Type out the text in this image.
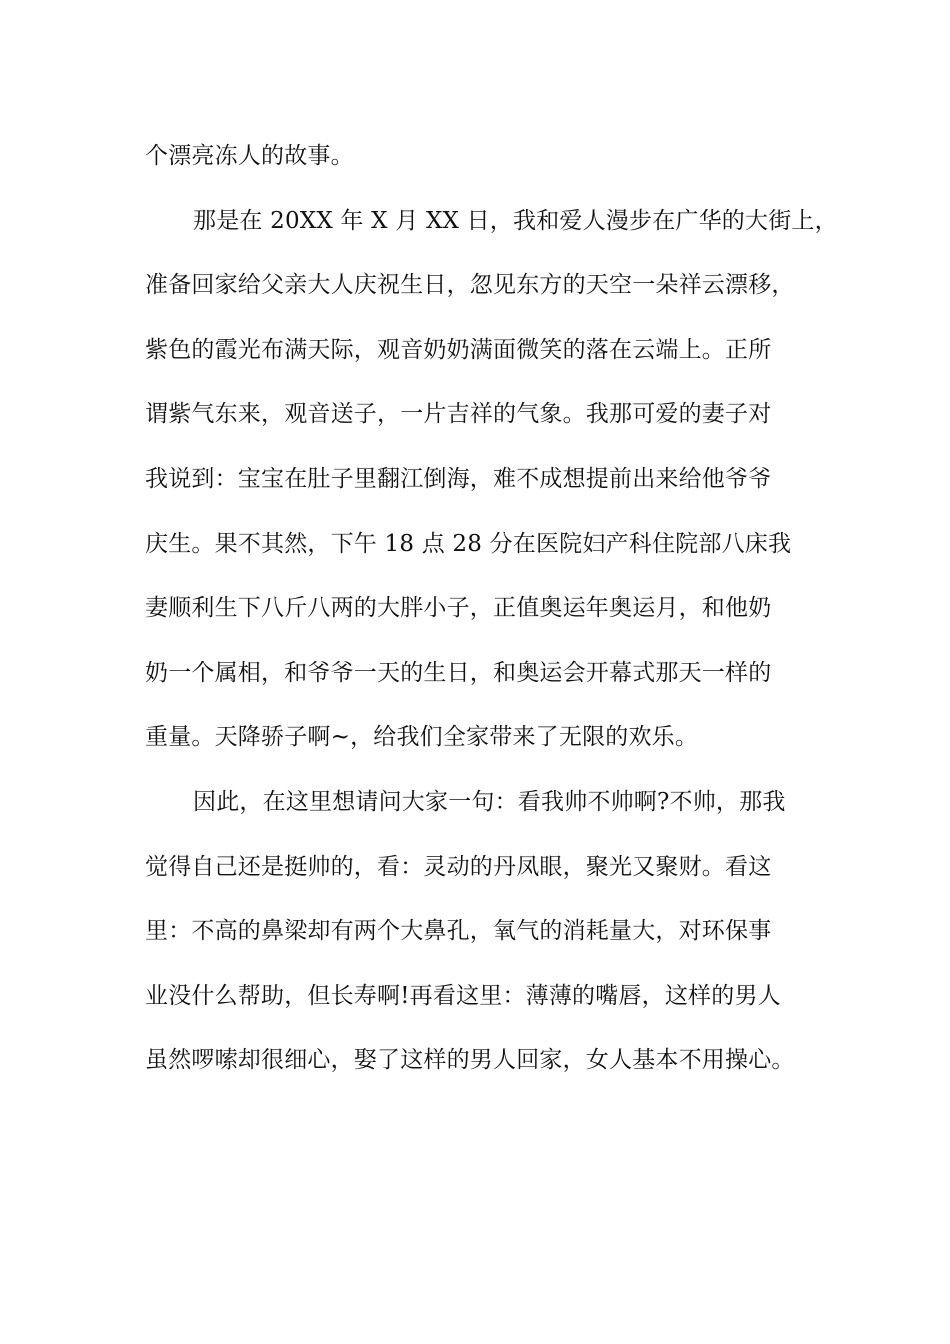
个漂亮冻人的故事。
那是在 20XX 年 X 月 XX 日，我和爱人漫步在广华的大街上，
准备回家给父亲大人庆祝生日，忽见东方的天空一朵祥云漂移，
紫色的霞光布满天际，观音奶奶满面微笑的落在云端上。正所
谓紫气东来，观音送子，一片吉祥的气象。我那可爱的妻子对
我说到：宝宝在肚子里翻江倒海，难不成想提前出来给他爷爷
庆生。果不其然，下午 18 点 28 分在医院妇产科住院部八床我
妻顺利生下八斤八两的大胖小子，正值奥运年奥运月，和他奶
奶一个属相，和爷爷一天的生日，和奥运会开幕式那天一样的
重量。天降骄子啊~，给我们全家带来了无限的欢乐。
因此，在这里想请问大家一句：看我帅不帅啊?不帅，那我
觉得自己还是挺帅的，看：灵动的丹凤眼，聚光又聚财。看这
里：不高的鼻梁却有两个大鼻孔，氧气的消耗量大，对环保事
业没什么帮助，但长寿啊!再看这里：薄薄的嘴唇，这样的男人
虽然啰嗦却很细心，娶了这样的男人回家，女人基本不用操心。
